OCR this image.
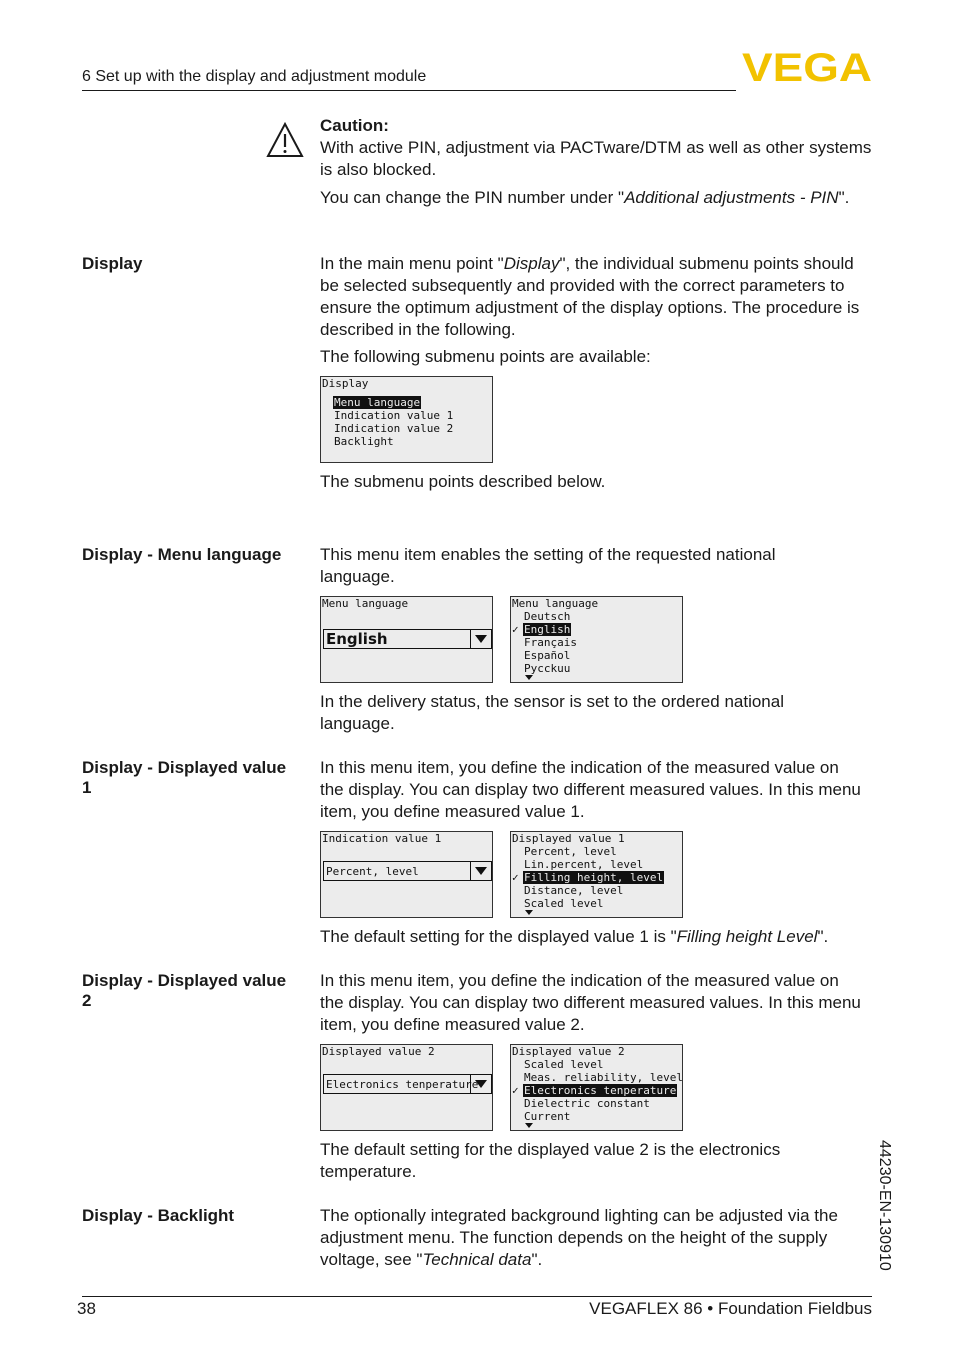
6 Set up with the display and adjustment module	VEGA
Caution:
With active PIN, adjustment via PACTware/DTM as well as other systems is also blocked.
You can change the PIN number under "Additional adjustments - PIN".
Display	In the main menu point "Display", the individual submenu points should be selected subsequently and provided with the correct parameters to ensure the optimum adjustment of the display options. The procedure is described in the following.
The following submenu points are available:
Display
Menu language
Indication value 1
Indication value 2
Backlight
The submenu points described below.
Display - Menu language	This menu item enables the setting of the requested national language.
Menu language
English
Menu language
Deutsch
✓ English
Français
Español
Pycckuu
In the delivery status, the sensor is set to the ordered national language.
Display - Displayed value
1
In this menu item, you define the indication of the measured value on the display. You can display two different measured values. In this menu item, you define measured value 1.
Indication value 1
Percent, level
Displayed value 1
Percent, level
Lin.percent, level
✓ Filling height, level
Distance, level
Scaled level
The default setting for the displayed value 1 is "Filling height Level".
Display - Displayed value
2
In this menu item, you define the indication of the measured value on the display. You can display two different measured values. In this menu item, you define measured value 2.
Displayed value 2
Electronics tenperature
Displayed value 2
Scaled level
Meas. reliability, level
✓ Electronics tenperature
Dielectric constant
Current
The default setting for the displayed value 2 is the electronics temperature.
Display - Backlight	The optionally integrated background lighting can be adjusted via the adjustment menu. The function depends on the height of the supply voltage, see "Technical data".	44230-EN-130910
38	VEGAFLEX 86 • Foundation Fieldbus
